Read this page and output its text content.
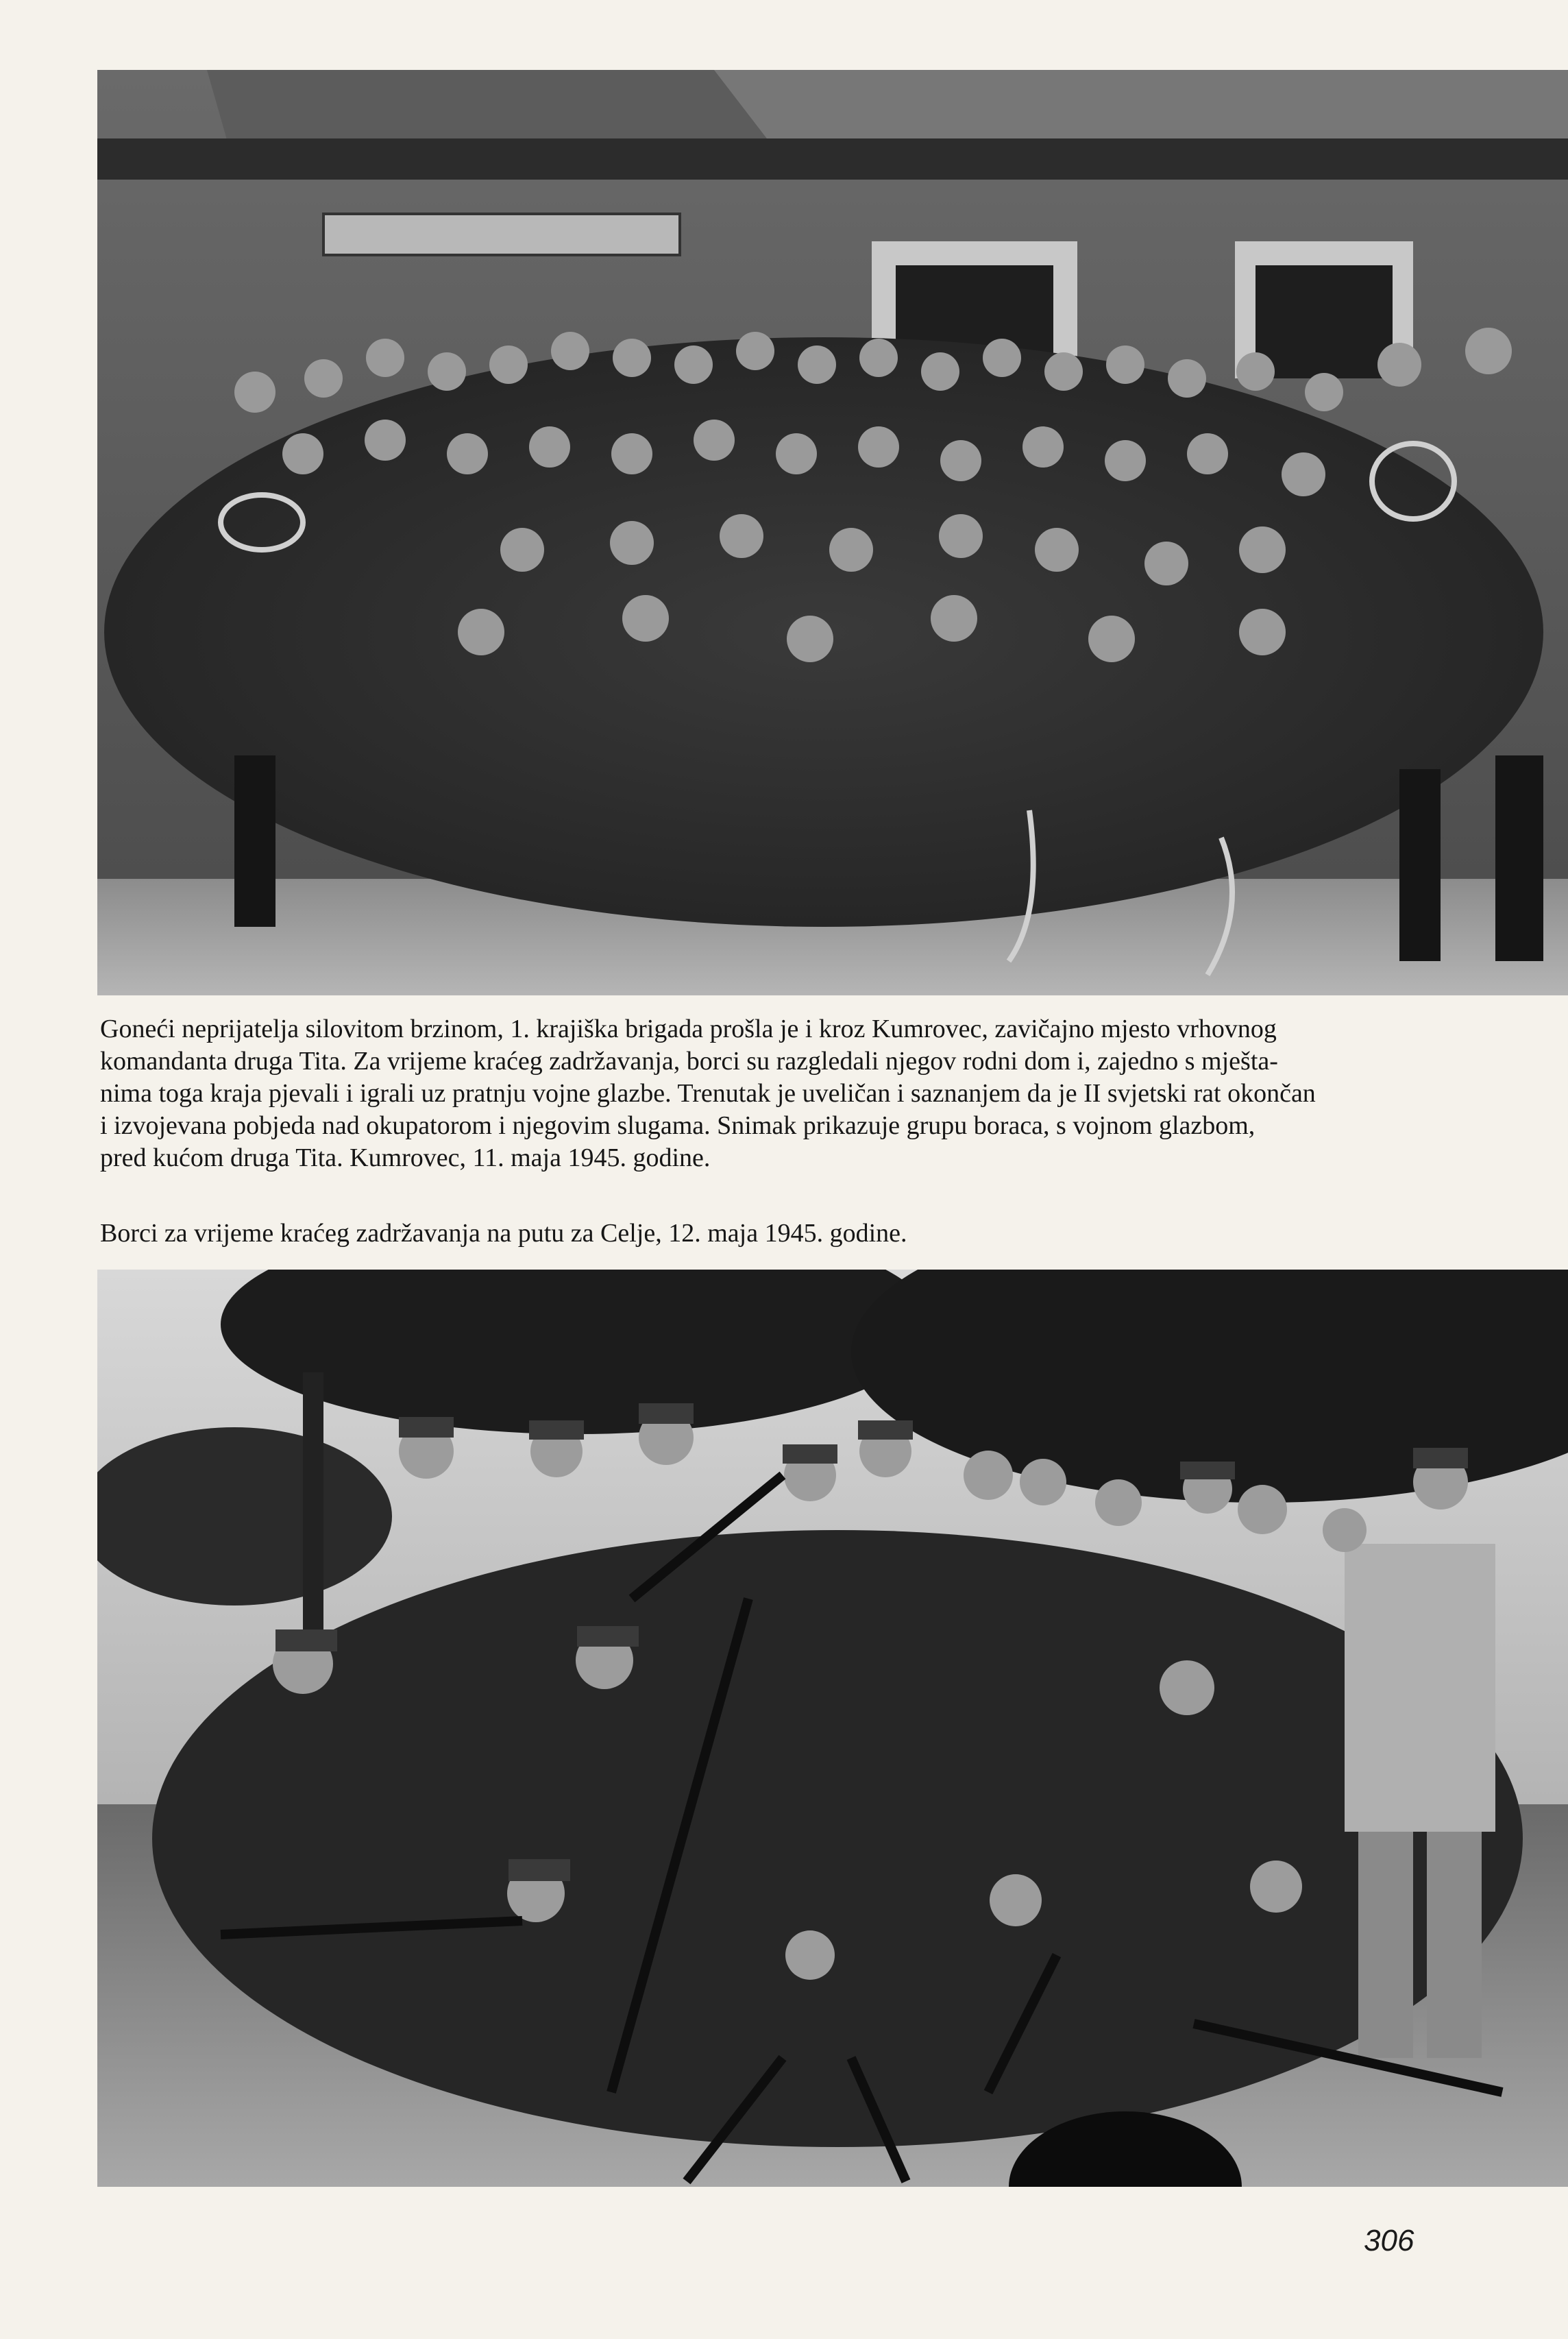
Goneći neprijatelja silovitom brzinom, 1. krajiška brigada prošla je i kroz Kumrovec, zavičajno mjesto vrhovnog
komandanta druga Tita. Za vrijeme kraćeg zadržavanja, borci su razgledali njegov rodni dom i, zajedno s mješta-
nima toga kraja pjevali i igrali uz pratnju vojne glazbe. Trenutak je uveličan i saznanjem da je II svjetski rat okončan
i izvojevana pobjeda nad okupatorom i njegovim slugama. Snimak prikazuje grupu boraca, s vojnom glazbom,
pred kućom druga Tita. Kumrovec, 11. maja 1945. godine.
Borci za vrijeme kraćeg zadržavanja na putu za Celje, 12. maja 1945. godine.
306
